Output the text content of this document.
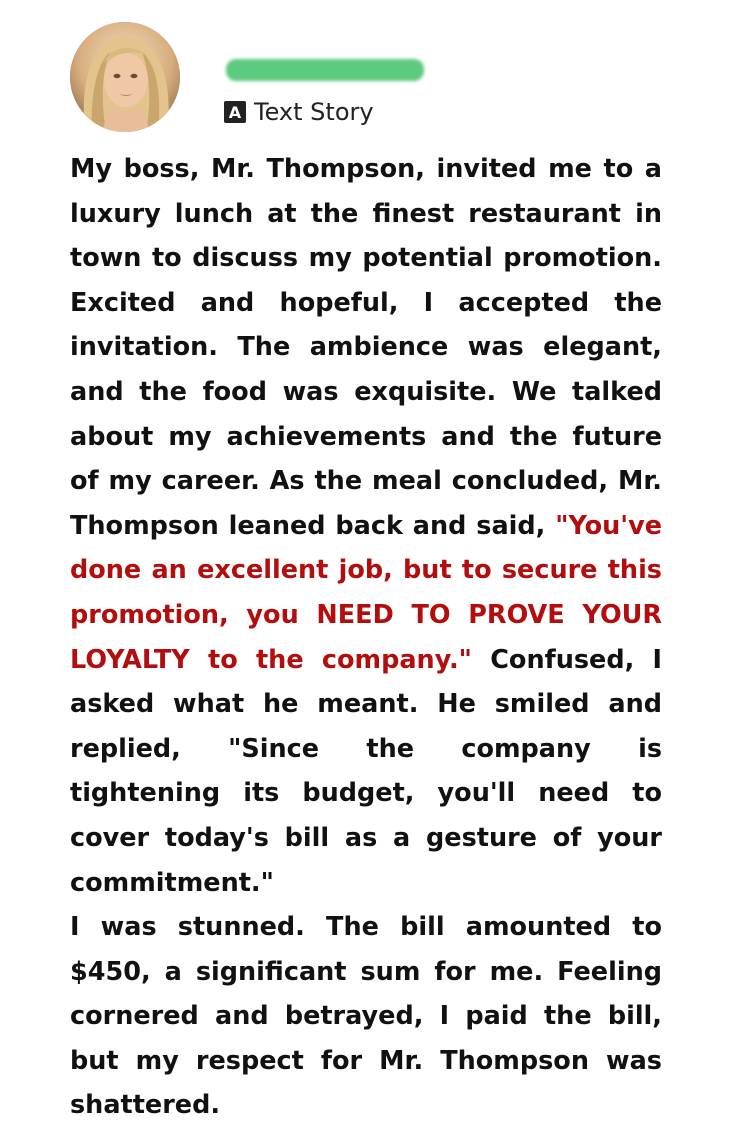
A Text Story

My boss, Mr. Thompson, invited me to a luxury lunch at the finest restaurant in town to discuss my potential promotion. Excited and hopeful, I accepted the invitation. The ambience was elegant, and the food was exquisite. We talked about my achievements and the future of my career. As the meal concluded, Mr. Thompson leaned back and said, "You've done an excellent job, but to secure this promotion, you NEED TO PROVE YOUR LOYALTY to the company." Confused, I asked what he meant. He smiled and replied, "Since the company is tightening its budget, you'll need to cover today's bill as a gesture of your commitment."

I was stunned. The bill amounted to $450, a significant sum for me. Feeling cornered and betrayed, I paid the bill, but my respect for Mr. Thompson was shattered.
